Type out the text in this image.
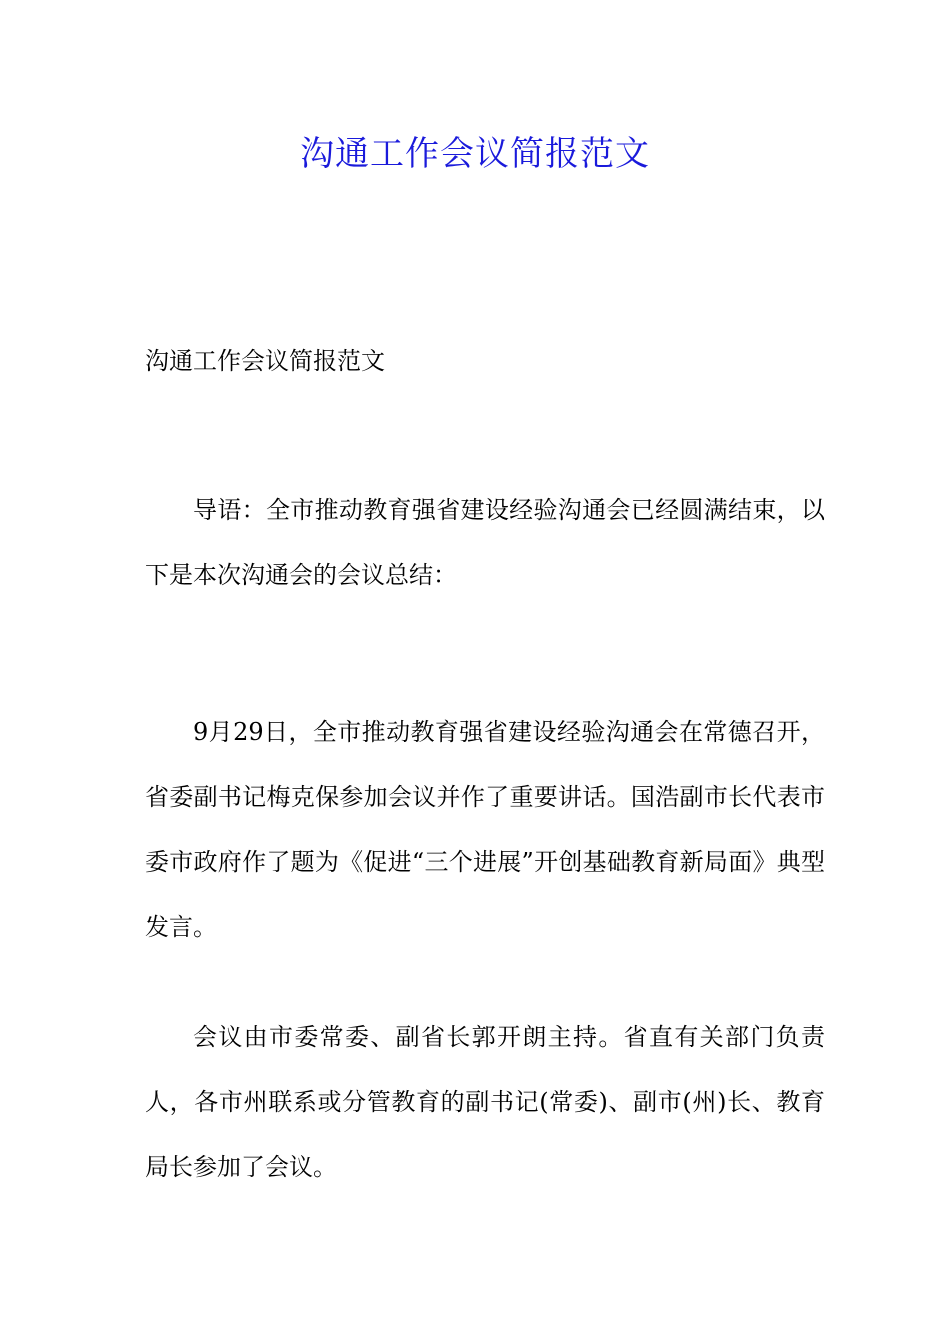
沟通工作会议简报范文

沟通工作会议简报范文

导语：全市推动教育强省建设经验沟通会已经圆满结束，以下是本次沟通会的会议总结：

9月29日，全市推动教育强省建设经验沟通会在常德召开，省委副书记梅克保参加会议并作了重要讲话。国浩副市长代表市委市政府作了题为《促进“三个进展”开创基础教育新局面》典型发言。

会议由市委常委、副省长郭开朗主持。省直有关部门负责人，各市州联系或分管教育的副书记(常委)、副市(州)长、教育局长参加了会议。
